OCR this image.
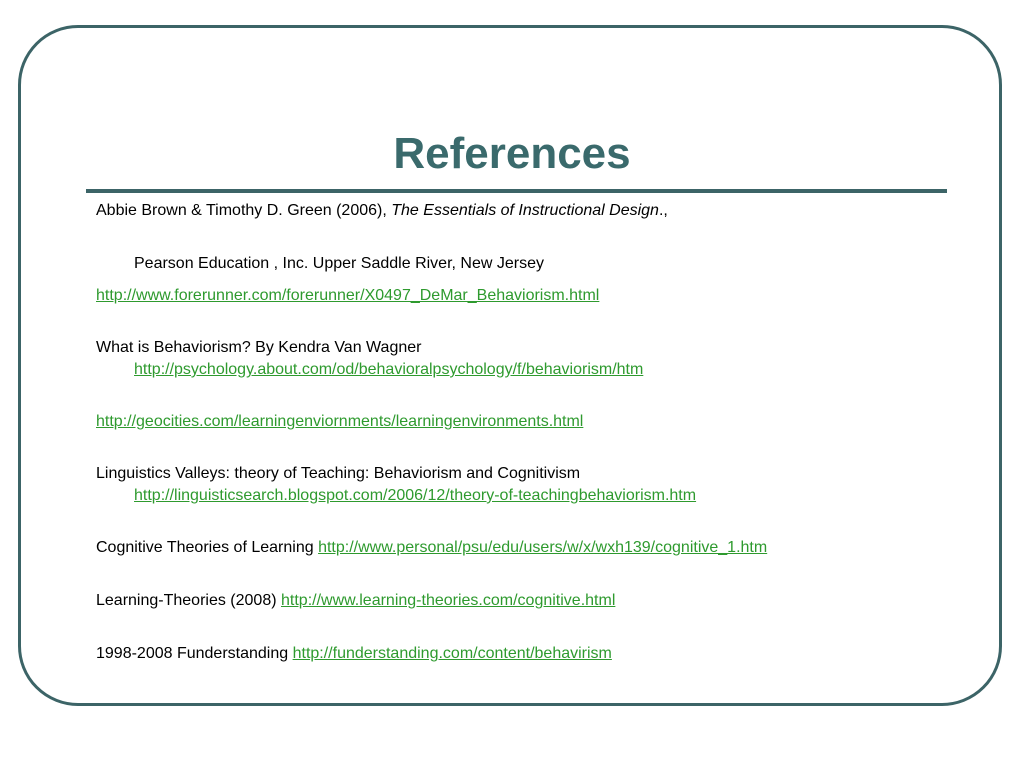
References
Abbie Brown & Timothy D. Green (2006), The Essentials of Instructional Design.,
Pearson Education , Inc. Upper Saddle River, New Jersey
http://www.forerunner.com/forerunner/X0497_DeMar_Behaviorism.html
What is Behaviorism? By Kendra Van Wagner
http://psychology.about.com/od/behavioralpsychology/f/behaviorism/htm
http://geocities.com/learningenviornments/learningenvironments.html
Linguistics Valleys: theory of Teaching: Behaviorism and Cognitivism
http://linguisticsearch.blogspot.com/2006/12/theory-of-teachingbehaviorism.htm
Cognitive Theories of Learning http://www.personal/psu/edu/users/w/x/wxh139/cognitive_1.htm
Learning-Theories (2008) http://www.learning-theories.com/cognitive.html
1998-2008 Funderstanding http://funderstanding.com/content/behavirism
